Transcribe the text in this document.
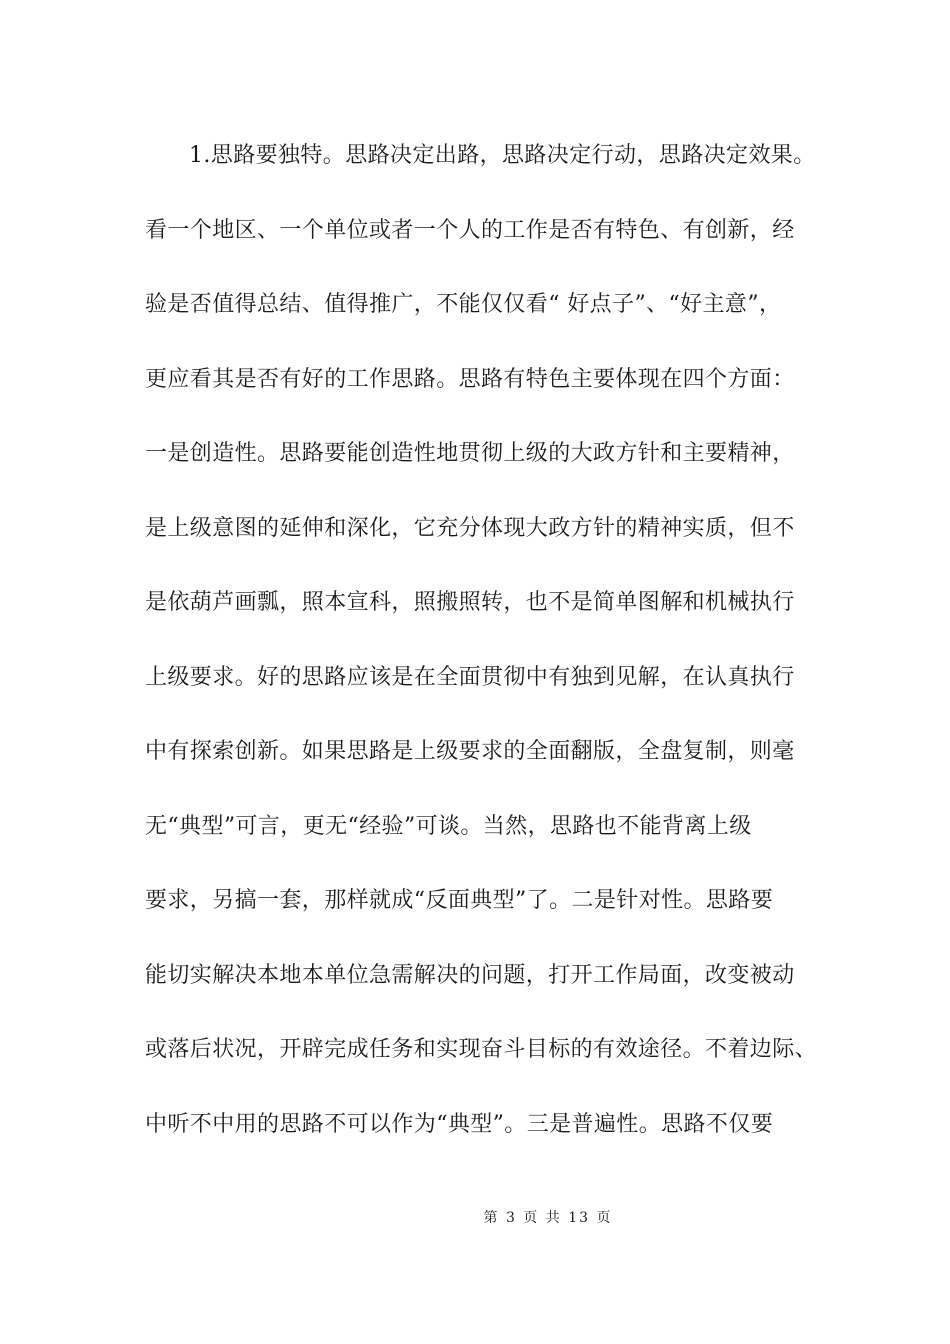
1.思路要独特。思路决定出路，思路决定行动，思路决定效果。
看一个地区、一个单位或者一个人的工作是否有特色、有创新，经
验是否值得总结、值得推广，不能仅仅看“ 好点子”、“好主意”，
更应看其是否有好的工作思路。思路有特色主要体现在四个方面：
一是创造性。思路要能创造性地贯彻上级的大政方针和主要精神，
是上级意图的延伸和深化，它充分体现大政方针的精神实质，但不
是依葫芦画瓢，照本宣科，照搬照转，也不是简单图解和机械执行
上级要求。好的思路应该是在全面贯彻中有独到见解，在认真执行
中有探索创新。如果思路是上级要求的全面翻版，全盘复制，则毫
无“典型”可言，更无“经验”可谈。当然，思路也不能背离上级
要求，另搞一套，那样就成“反面典型”了。二是针对性。思路要
能切实解决本地本单位急需解决的问题，打开工作局面，改变被动
或落后状况，开辟完成任务和实现奋斗目标的有效途径。不着边际、
中听不中用的思路不可以作为“典型”。三是普遍性。思路不仅要
第 3 页 共 13 页
